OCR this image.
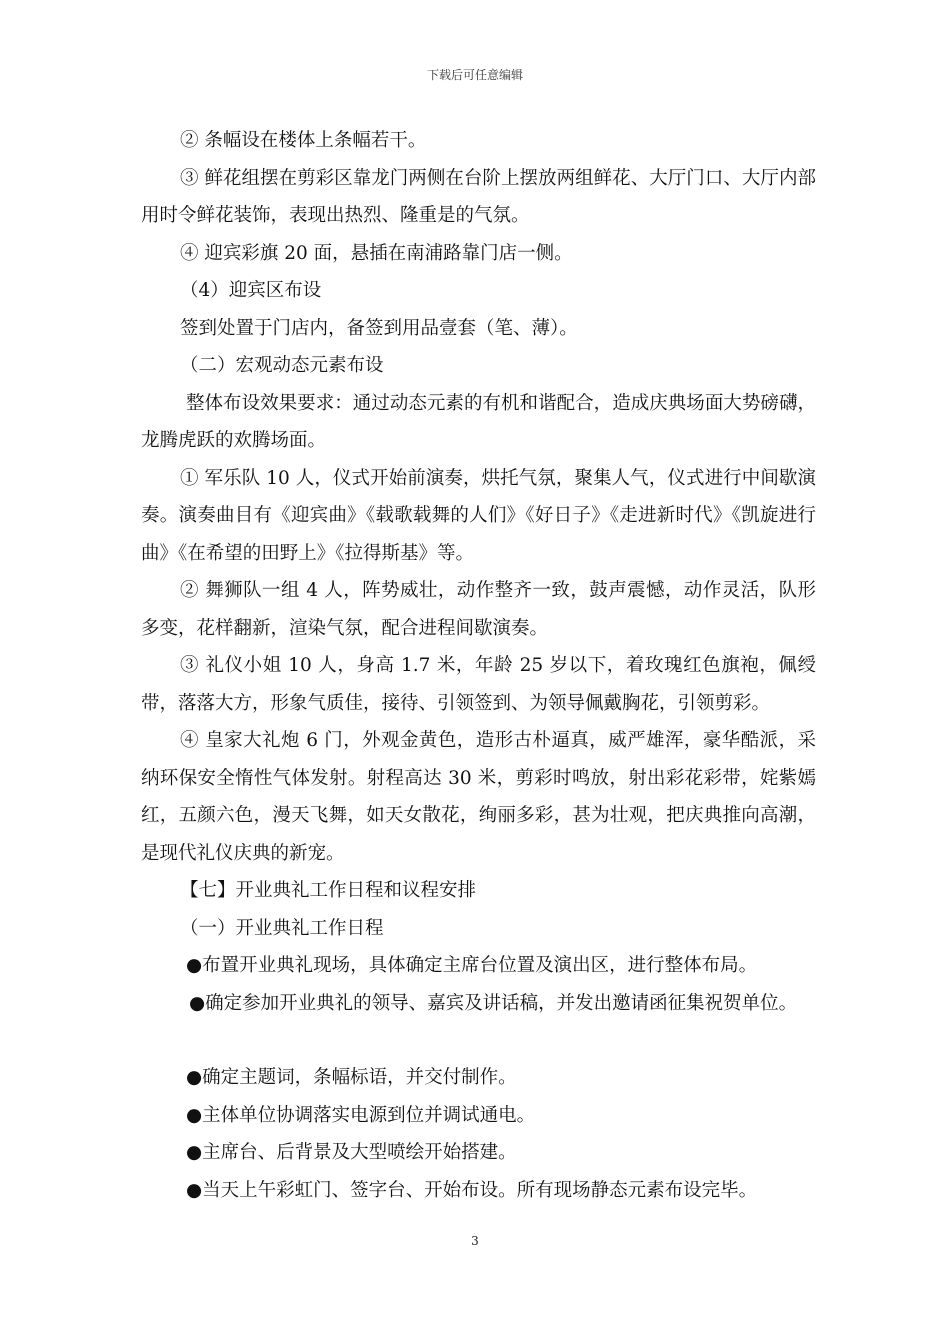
下载后可任意编辑

② 条幅设在楼体上条幅若干。

③ 鲜花组摆在剪彩区靠龙门两侧在台阶上摆放两组鲜花、大厅门口、大厅内部用时令鲜花装饰，表现出热烈、隆重是的气氛。

④ 迎宾彩旗 20 面，悬插在南浦路靠门店一侧。

（4）迎宾区布设

签到处置于门店内，备签到用品壹套（笔、薄）。

（二）宏观动态元素布设

整体布设效果要求：通过动态元素的有机和谐配合，造成庆典场面大势磅礴，龙腾虎跃的欢腾场面。

① 军乐队 10 人，仪式开始前演奏，烘托气氛，聚集人气，仪式进行中间歇演奏。演奏曲目有《迎宾曲》《载歌载舞的人们》《好日子》《走进新时代》《凯旋进行曲》《在希望的田野上》《拉得斯基》等。

② 舞狮队一组 4 人，阵势威壮，动作整齐一致，鼓声震憾，动作灵活，队形多变，花样翻新，渲染气氛，配合进程间歇演奏。

③ 礼仪小姐 10 人，身高 1.7 米，年龄 25 岁以下，着玫瑰红色旗袍，佩绶带，落落大方，形象气质佳，接待、引领签到、为领导佩戴胸花，引领剪彩。

④ 皇家大礼炮 6 门，外观金黄色，造形古朴逼真，威严雄浑，豪华酷派，采纳环保安全惰性气体发射。射程高达 30 米，剪彩时鸣放，射出彩花彩带，姹紫嫣红，五颜六色，漫天飞舞，如天女散花，绚丽多彩，甚为壮观，把庆典推向高潮，是现代礼仪庆典的新宠。

【七】开业典礼工作日程和议程安排

（一）开业典礼工作日程

●布置开业典礼现场，具体确定主席台位置及演出区，进行整体布局。

●确定参加开业典礼的领导、嘉宾及讲话稿，并发出邀请函征集祝贺单位。

●确定主题词，条幅标语，并交付制作。

●主体单位协调落实电源到位并调试通电。

●主席台、后背景及大型喷绘开始搭建。

●当天上午彩虹门、签字台、开始布设。所有现场静态元素布设完毕。

3
